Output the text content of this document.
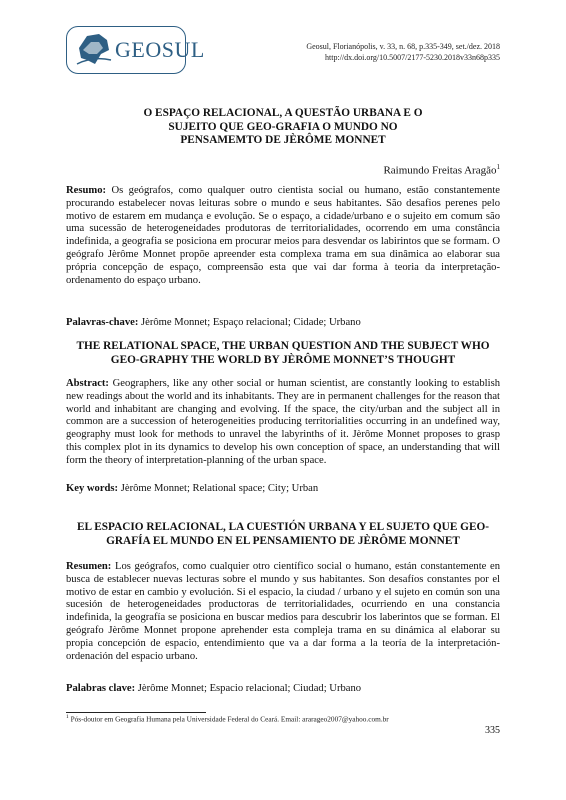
GEOSUL	Geosul, Florianópolis, v. 33, n. 68, p.335-349, set./dez. 2018
http://dx.doi.org/10.5007/2177-5230.2018v33n68p335
O ESPAÇO RELACIONAL, A QUESTÃO URBANA E O
SUJEITO QUE GEO-GRAFIA O MUNDO NO
PENSAMEMTO DE JÈRÔME MONNET
Raimundo Freitas Aragão$^1$

Resumo: Os geógrafos, como qualquer outro cientista social ou humano, estão constantemente procurando estabelecer novas leituras sobre o mundo e seus habitantes. São desafios perenes pelo motivo de estarem em mudança e evolução. Se o espaço, a cidade/urbano e o sujeito em comum são uma sucessão de heterogeneidades produtoras de territorialidades, ocorrendo em uma constância indefinida, a geografia se posiciona em procurar meios para desvendar os labirintos que se formam. O geógrafo Jèrôme Monnet propõe apreender esta complexa trama em sua dinâmica ao elaborar sua própria concepção de espaço, compreensão esta que vai dar forma à teoria da interpretação-ordenamento do espaço urbano.

Palavras-chave: Jèrôme Monnet; Espaço relacional; Cidade; Urbano

THE RELATIONAL SPACE, THE URBAN QUESTION AND THE SUBJECT WHO
GEO-GRAPHY THE WORLD BY JÈRÔME MONNET’S THOUGHT

Abstract: Geographers, like any other social or human scientist, are constantly looking to establish new readings about the world and its inhabitants. They are in permanent challenges for the reason that world and inhabitant are changing and evolving. If the space, the city/urban and the subject all in common are a succession of heterogeneities producing territorialities occurring in an undefined way, geography must look for methods to unravel the labyrinths of it. Jèrôme Monnet proposes to grasp this complex plot in its dynamics to develop his own conception of space, an understanding that will form the theory of interpretation-planning of the urban space.

Key words: Jèrôme Monnet; Relational space; City; Urban

EL ESPACIO RELACIONAL, LA CUESTIÓN URBANA Y EL SUJETO QUE GEO-
GRAFÍA EL MUNDO EN EL PENSAMIENTO DE JÈRÔME MONNET

Resumen: Los geógrafos, como cualquier otro científico social o humano, están constantemente en busca de establecer nuevas lecturas sobre el mundo y sus habitantes. Son desafíos constantes por el motivo de estar en cambio y evolución. Si el espacio, la ciudad / urbano y el sujeto en común son una sucesión de heterogeneidades productoras de territorialidades, ocurriendo en una constancia indefinida, la geografía se posiciona en buscar medios para descubrir los laberintos que se forman. El geógrafo Jèrôme Monnet propone aprehender esta compleja trama en su dinámica al elaborar su propia concepción de espacio, entendimiento que va a dar forma a la teoría de la interpretación-ordenación del espacio urbano.

Palabras clave: Jèrôme Monnet; Espacio relacional; Ciudad; Urbano

$^1$ Pós-doutor em Geografia Humana pela Universidade Federal do Ceará. Email: ararageo2007@yahoo.com.br
335
